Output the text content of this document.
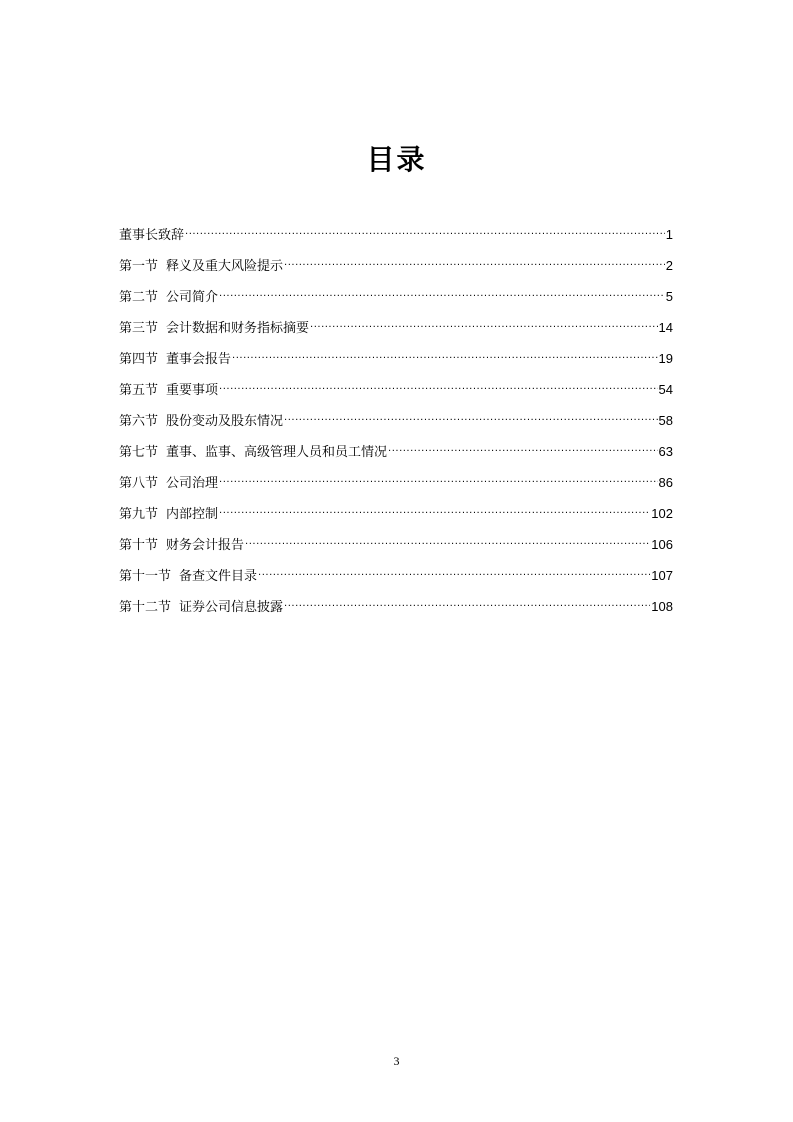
目录
董事长致辞 ·····	1
第一节 释义及重大风险提示 ·····	2
第二节 公司简介 ·····	5
第三节 会计数据和财务指标摘要 ·····	14
第四节 董事会报告 ·····	19
第五节 重要事项 ·····	54
第六节 股份变动及股东情况 ·····	58
第七节 董事、监事、高级管理人员和员工情况 ·····	63
第八节 公司治理 ·····	86
第九节 内部控制 ·····	102
第十节 财务会计报告 ·····	106
第十一节 备查文件目录 ·····	107
第十二节 证券公司信息披露 ·····	108
3
